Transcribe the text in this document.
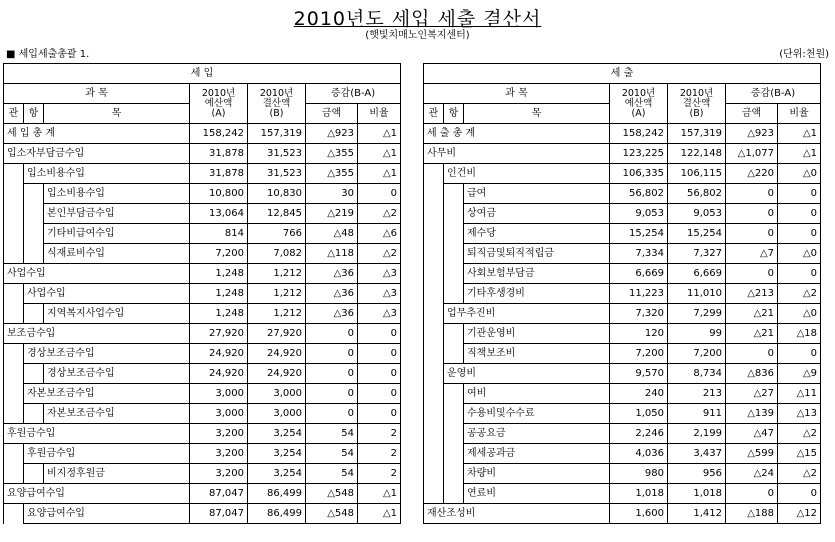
2010년도 세입 세출 결산서
(햇빛치매노인복지센터)
■ 세입세출총괄 1.	(단위:천원)
세 입						
과 목			2010년
예산액
(A)	2010년
결산액
(B)	증감(B-A)	
관	항	목			금액	비율
세 입 총 계			158,242	157,319	△923	△1
입소자부담금수입			31,878	31,523	△355	△1
	입소비용수입		31,878	31,523	△355	△1
		입소비용수입	10,800	10,830	30	0
		본인부담금수입	13,064	12,845	△219	△2
		기타비급여수입	814	766	△48	△6
		식재료비수입	7,200	7,082	△118	△2
사업수입			1,248	1,212	△36	△3
	사업수입		1,248	1,212	△36	△3
		지역복지사업수입	1,248	1,212	△36	△3
보조금수입			27,920	27,920	0	0
	경상보조금수입		24,920	24,920	0	0
		경상보조금수입	24,920	24,920	0	0
	자본보조금수입		3,000	3,000	0	0
		자본보조금수입	3,000	3,000	0	0
후원금수입			3,200	3,254	54	2
	후원금수입		3,200	3,254	54	2
		비지정후원금	3,200	3,254	54	2
요양급여수입			87,047	86,499	△548	△1
	요양급여수입		87,047	86,499	△548	△1
세 출						
과 목			2010년
예산액
(A)	2010년
결산액
(B)	증감(B-A)	
관	항	목			금액	비율
세 출 총 계			158,242	157,319	△923	△1
사무비			123,225	122,148	△1,077	△1
	인건비		106,335	106,115	△220	△0
		급여	56,802	56,802	0	0
		상여금	9,053	9,053	0	0
		제수당	15,254	15,254	0	0
		퇴직금및퇴직적립금	7,334	7,327	△7	△0
		사회보험부담금	6,669	6,669	0	0
		기타후생경비	11,223	11,010	△213	△2
	업무추진비		7,320	7,299	△21	△0
		기관운영비	120	99	△21	△18
		직책보조비	7,200	7,200	0	0
	운영비		9,570	8,734	△836	△9
		여비	240	213	△27	△11
		수용비및수수료	1,050	911	△139	△13
		공공요금	2,246	2,199	△47	△2
		제세공과금	4,036	3,437	△599	△15
		차량비	980	956	△24	△2
		연료비	1,018	1,018	0	0
재산조성비			1,600	1,412	△188	△12
